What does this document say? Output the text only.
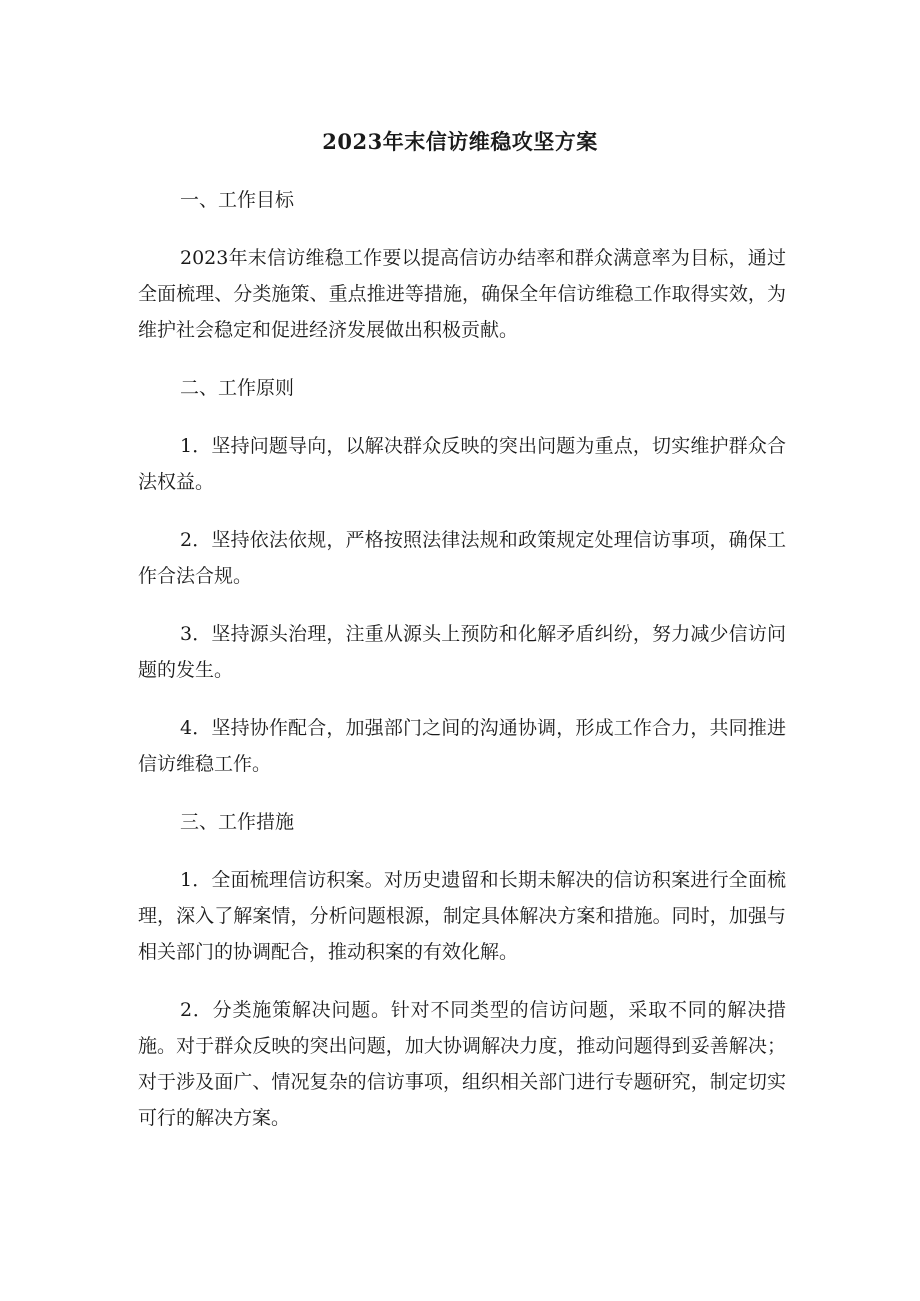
2023年末信访维稳攻坚方案
一、工作目标

2023年末信访维稳工作要以提高信访办结率和群众满意率为目标，通过全面梳理、分类施策、重点推进等措施，确保全年信访维稳工作取得实效，为维护社会稳定和促进经济发展做出积极贡献。

二、工作原则

1．坚持问题导向，以解决群众反映的突出问题为重点，切实维护群众合法权益。

2．坚持依法依规，严格按照法律法规和政策规定处理信访事项，确保工作合法合规。

3．坚持源头治理，注重从源头上预防和化解矛盾纠纷，努力减少信访问题的发生。

4．坚持协作配合，加强部门之间的沟通协调，形成工作合力，共同推进信访维稳工作。

三、工作措施

1．全面梳理信访积案。对历史遗留和长期未解决的信访积案进行全面梳理，深入了解案情，分析问题根源，制定具体解决方案和措施。同时，加强与相关部门的协调配合，推动积案的有效化解。

2．分类施策解决问题。针对不同类型的信访问题，采取不同的解决措施。对于群众反映的突出问题，加大协调解决力度，推动问题得到妥善解决；对于涉及面广、情况复杂的信访事项，组织相关部门进行专题研究，制定切实可行的解决方案。
